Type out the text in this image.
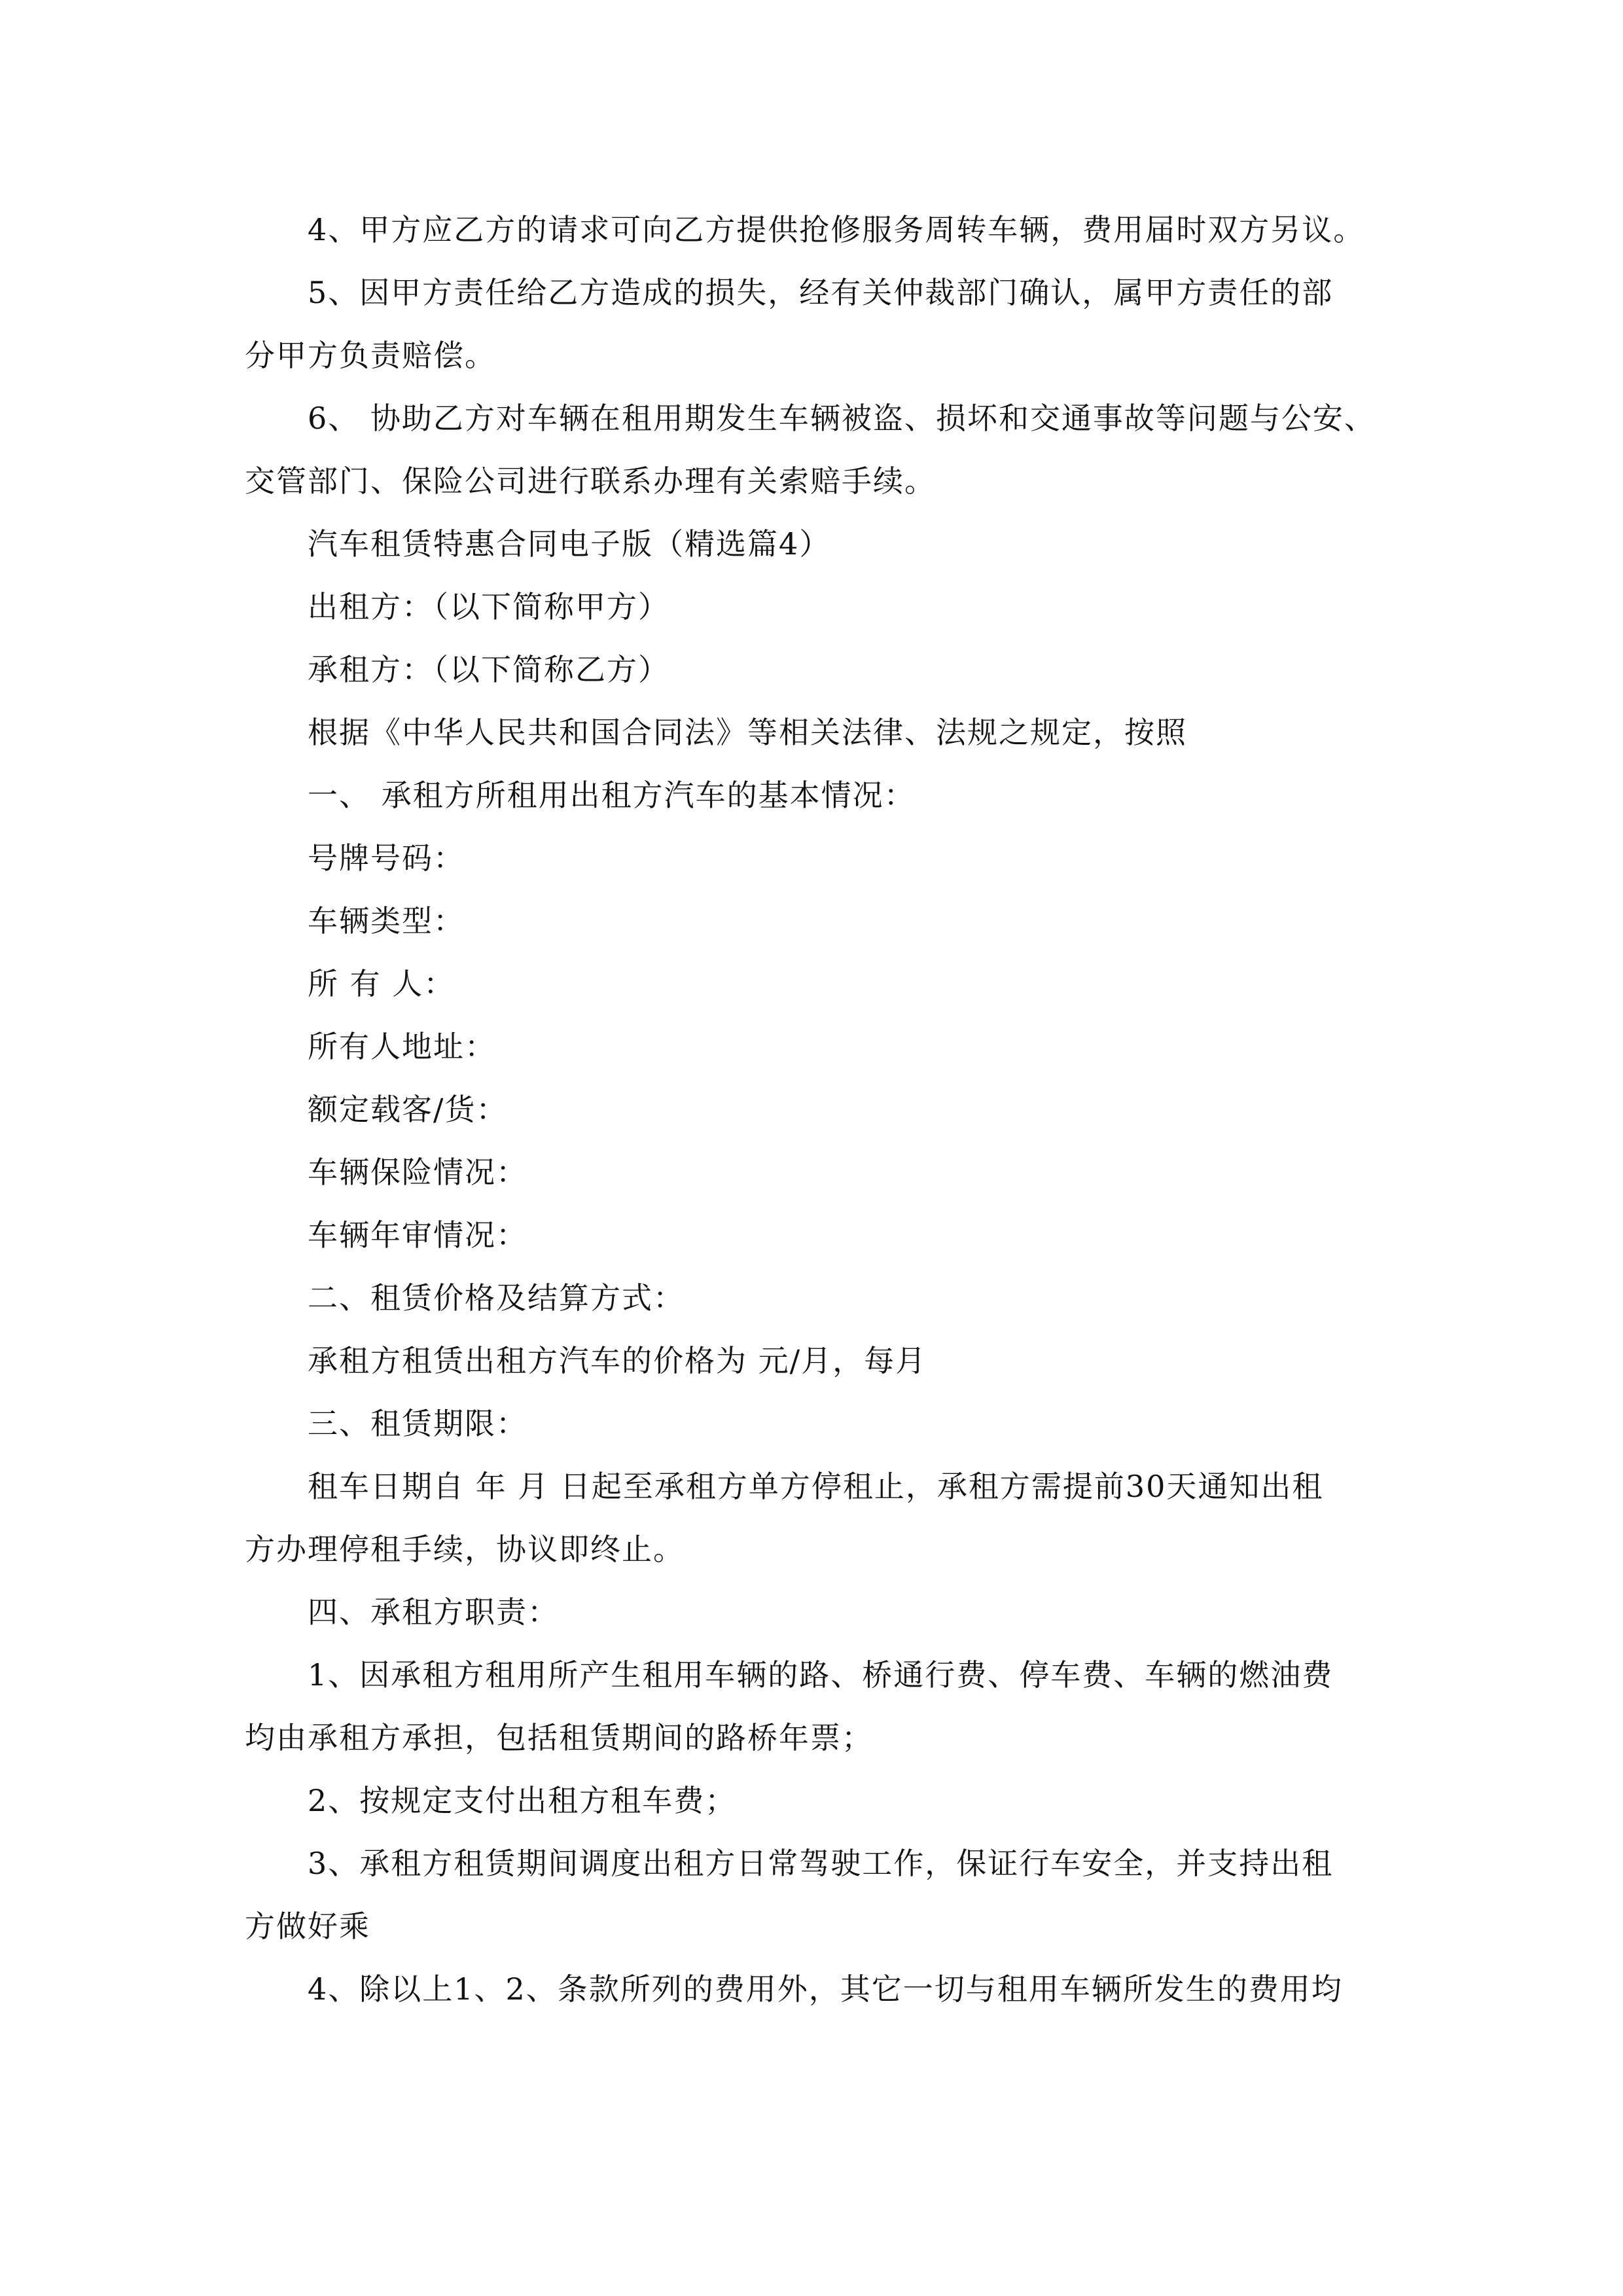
4、甲方应乙方的请求可向乙方提供抢修服务周转车辆，费用届时双方另议。
5、因甲方责任给乙方造成的损失，经有关仲裁部门确认，属甲方责任的部
分甲方负责赔偿。
6、 协助乙方对车辆在租用期发生车辆被盗、损坏和交通事故等问题与公安、
交管部门、保险公司进行联系办理有关索赔手续。
汽车租赁特惠合同电子版（精选篇4）
出租方：（以下简称甲方）
承租方：（以下简称乙方）
根据《中华人民共和国合同法》等相关法律、法规之规定，按照
一、 承租方所租用出租方汽车的基本情况：
号牌号码：
车辆类型：
所 有 人：
所有人地址：
额定载客/货：
车辆保险情况：
车辆年审情况：
二、租赁价格及结算方式：
承租方租赁出租方汽车的价格为 元/月，每月
三、租赁期限：
租车日期自 年 月 日起至承租方单方停租止，承租方需提前30天通知出租
方办理停租手续，协议即终止。
四、承租方职责：
1、因承租方租用所产生租用车辆的路、桥通行费、停车费、车辆的燃油费
均由承租方承担，包括租赁期间的路桥年票；
2、按规定支付出租方租车费；
3、承租方租赁期间调度出租方日常驾驶工作，保证行车安全，并支持出租
方做好乘
4、除以上1、2、条款所列的费用外，其它一切与租用车辆所发生的费用均
